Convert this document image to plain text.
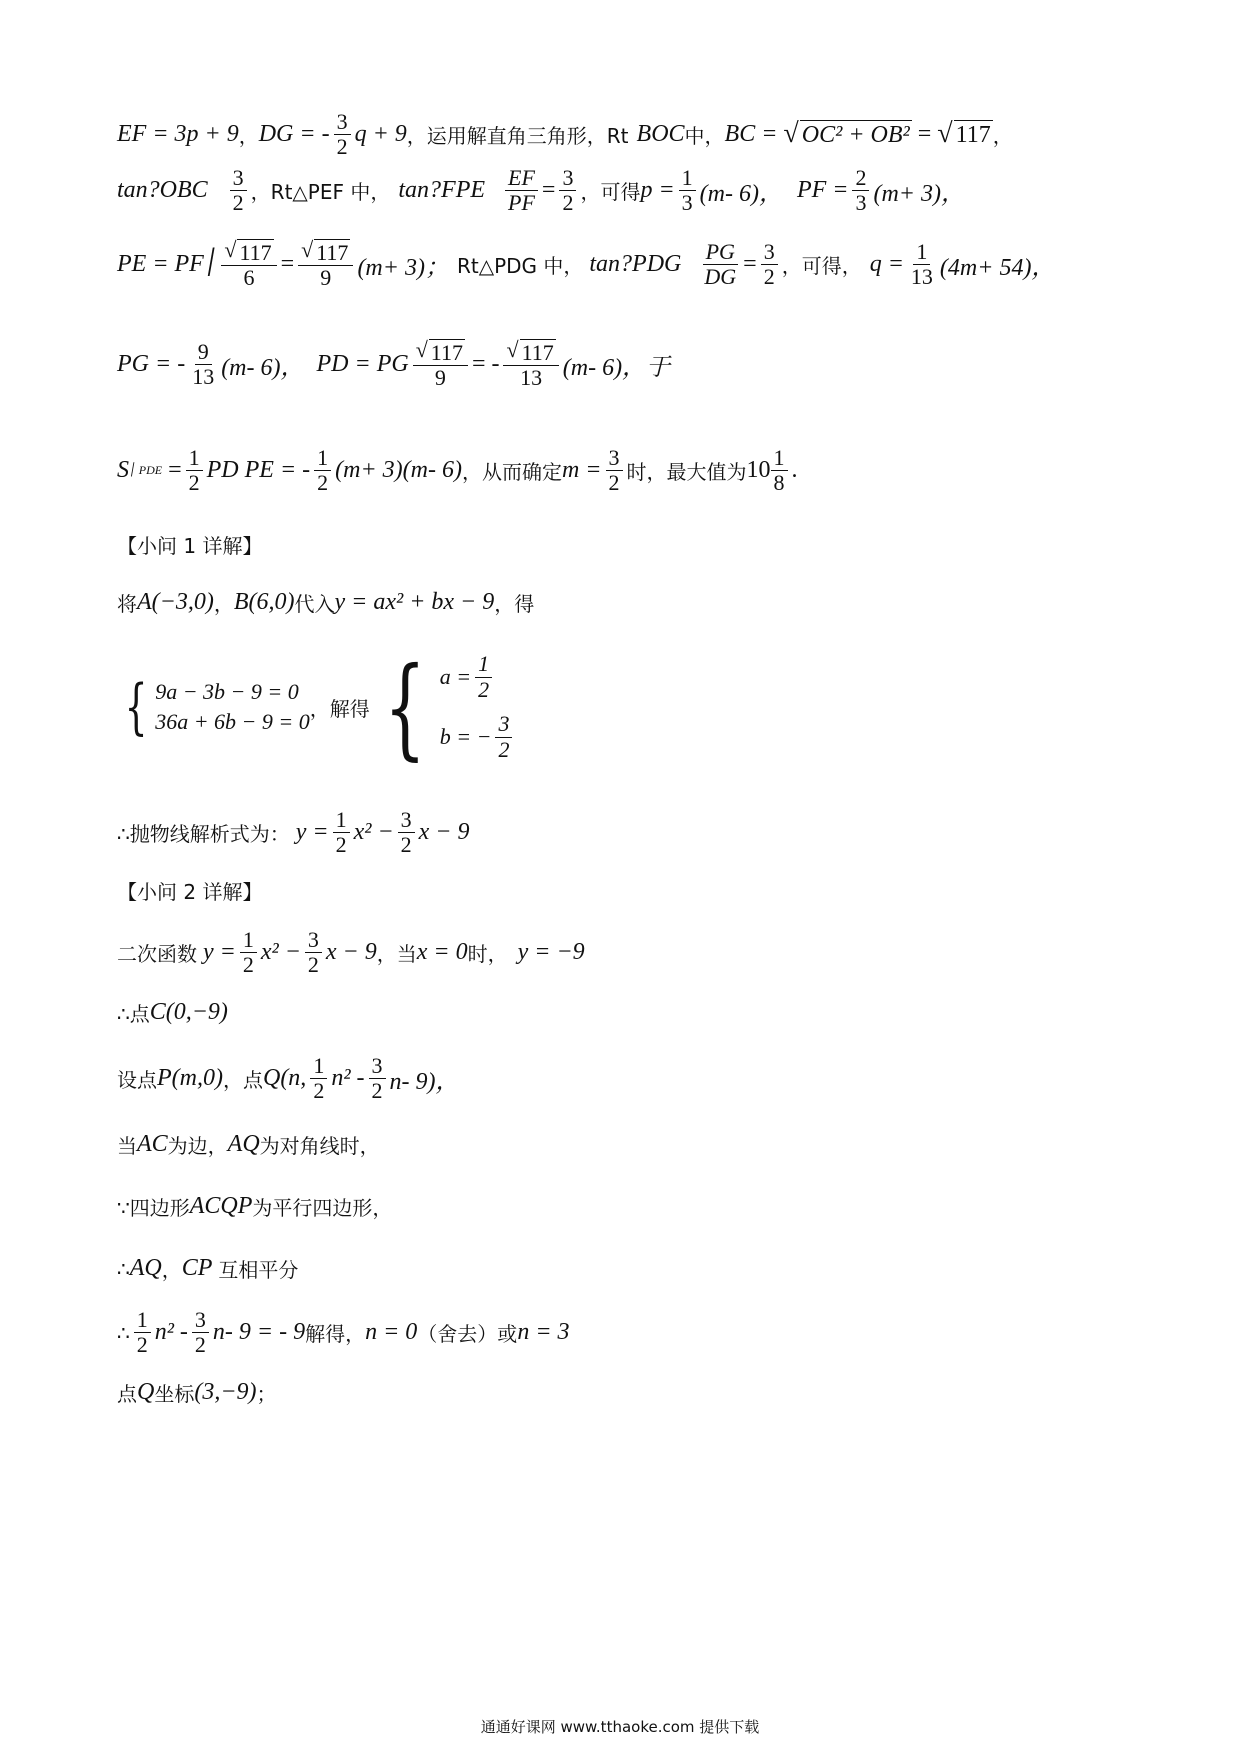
EF = 3p + 9 ， DG = - $\frac{3}{2}$ q + 9 ，运用解直角三角形，Rt BOC 中， BC = √ OC² + OB² = √ 117 ，
tan?OBC $\frac{3}{2}$ ，Rt△PEF 中， tan?FPE $\frac{EF}{PF} = \frac{3}{2}$ ，可得 $p = \frac{1}{3} (m-$ 6)， PF = $\frac{2}{3} (m+ 3)$，
PE = PF׀ $\frac{√ 117}{6} = \frac{√ 117}{9} (m+ 3)$； Rt△PDG 中， tan?PDG $\frac{PG}{DG} = \frac{3}{2}$ ，可得， $q = \frac{1}{13} (4m+ 54)$，
PG = - $\frac{9}{13} (m-$ 6)， PD = PG $\frac{√ 117}{9}$ = - $\frac{√ 117}{13} (m-$ 6)，于
S ׀ PDE = $\frac{1}{2}$ PD PE = - $\frac{1}{2} (m+ 3)(m-$ 6) ，从而确定 $m = \frac{3}{2}$ 时，最大值为 $10 \frac{1}{8}$ .
【小问 1 详解】
将 A(−3,0) ， B(6,0) 代入 y = ax² + bx − 9 ，得
{ 9a − 3b − 9 = 0
36a + 6b − 9 = 0
，解得 { $a = \frac{1}{2}$
b = − $\frac{3}{2}$
∴抛物线解析式为： $y = \frac{1}{2} x^2 - \frac{3}{2}$ x − 9
【小问 2 详解】
二次函数 $y = \frac{1}{2} x^2 - \frac{3}{2}$ x − 9 ，当 x = 0 时， y = −9
∴点 C(0,−9)
设点 P(m,0) ，点 Q(n, $\frac{1}{2} n^2 - \frac{3}{2} n-$ 9)，
当 AC 为边， AQ 为对角线时，
∵四边形 ACQP 为平行四边形，
∴ AQ ， CP 互相平分
∴ $\frac{1}{2} n^2 - \frac{3}{2} n-$ 9 = - 9 解得， n = 0 （舍去）或 n = 3
点 Q 坐标 (3,−9) ；
通通好课网 www.tthaoke.com 提供下载
